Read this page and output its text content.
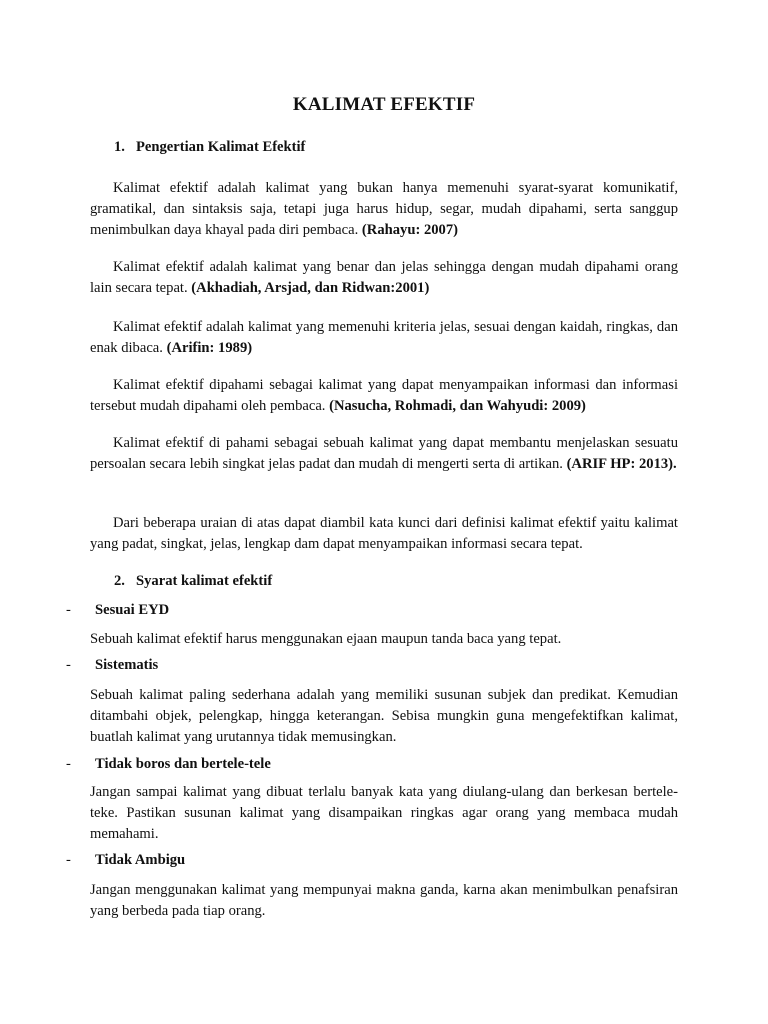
KALIMAT EFEKTIF
1. Pengertian Kalimat Efektif

Kalimat efektif adalah kalimat yang bukan hanya memenuhi syarat-syarat komunikatif, gramatikal, dan sintaksis saja, tetapi juga harus hidup, segar, mudah dipahami, serta sanggup menimbulkan daya khayal pada diri pembaca. (Rahayu: 2007)

Kalimat efektif adalah kalimat yang benar dan jelas sehingga dengan mudah dipahami orang lain secara tepat. (Akhadiah, Arsjad, dan Ridwan:2001)

Kalimat efektif adalah kalimat yang memenuhi kriteria jelas, sesuai dengan kaidah, ringkas, dan enak dibaca. (Arifin: 1989)

Kalimat efektif dipahami sebagai kalimat yang dapat menyampaikan informasi dan informasi tersebut mudah dipahami oleh pembaca. (Nasucha, Rohmadi, dan Wahyudi: 2009)

Kalimat efektif di pahami sebagai sebuah kalimat yang dapat membantu menjelaskan sesuatu persoalan secara lebih singkat jelas padat dan mudah di mengerti serta di artikan. (ARIF HP: 2013).

Dari beberapa uraian di atas dapat diambil kata kunci dari definisi kalimat efektif yaitu kalimat yang padat, singkat, jelas, lengkap dam dapat menyampaikan informasi secara tepat.

2. Syarat kalimat efektif
- Sesuai EYD

Sebuah kalimat efektif harus menggunakan ejaan maupun tanda baca yang tepat.

- Sistematis

Sebuah kalimat paling sederhana adalah yang memiliki susunan subjek dan predikat. Kemudian ditambahi objek, pelengkap, hingga keterangan. Sebisa mungkin guna mengefektifkan kalimat, buatlah kalimat yang urutannya tidak memusingkan.

- Tidak boros dan bertele-tele

Jangan sampai kalimat yang dibuat terlalu banyak kata yang diulang-ulang dan berkesan bertele-teke. Pastikan susunan kalimat yang disampaikan ringkas agar orang yang membaca mudah memahami.

- Tidak Ambigu

Jangan menggunakan kalimat yang mempunyai makna ganda, karna akan menimbulkan penafsiran yang berbeda pada tiap orang.
